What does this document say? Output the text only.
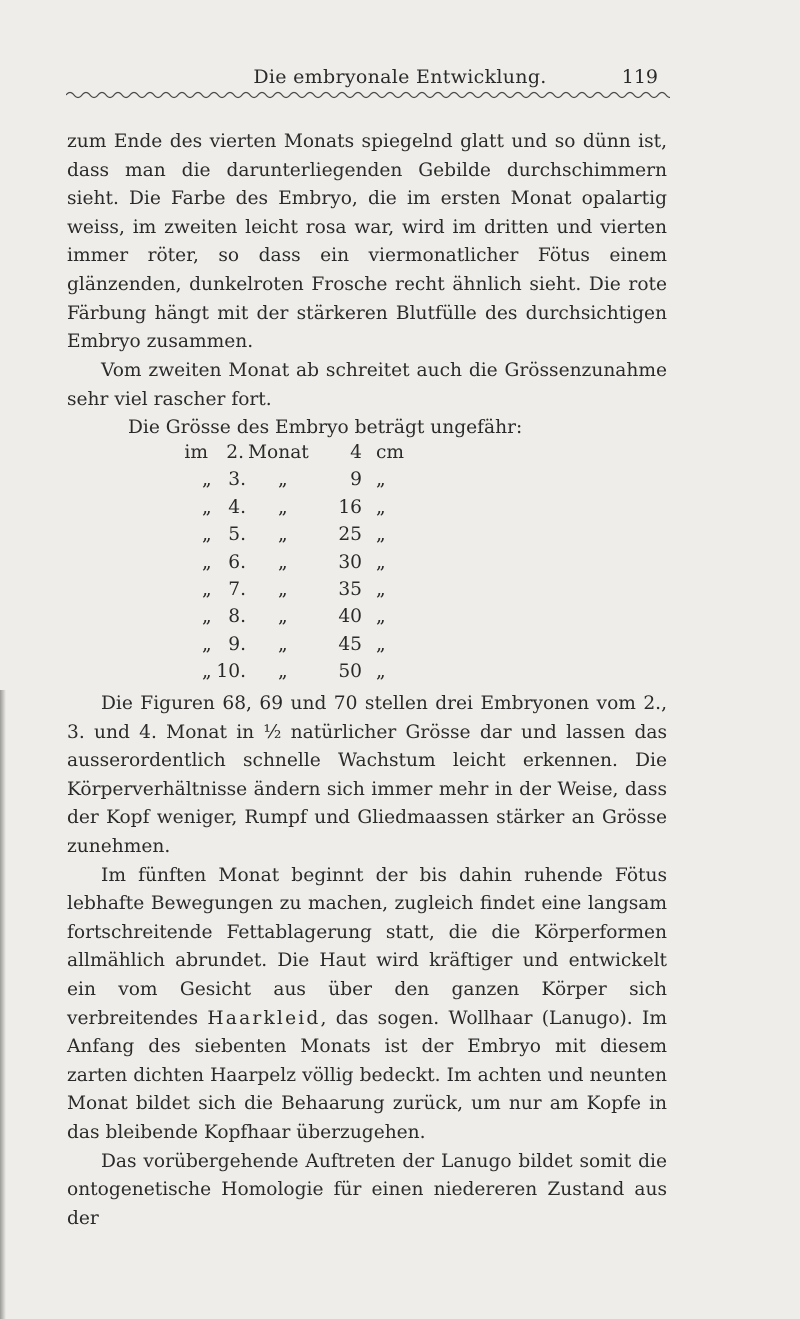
Die embryonale Entwicklung.	119

zum Ende des vierten Monats spiegelnd glatt und so dünn ist, dass man die darunterliegenden Gebilde durchschimmern sieht. Die Farbe des Embryo, die im ersten Monat opalartig weiss, im zweiten leicht rosa war, wird im dritten und vierten immer röter, so dass ein viermonatlicher Fötus einem glänzenden, dunkelroten Frosche recht ähnlich sieht. Die rote Färbung hängt mit der stärkeren Blutfülle des durchsichtigen Embryo zusammen.

Vom zweiten Monat ab schreitet auch die Grössenzunahme sehr viel rascher fort.

Die Grösse des Embryo beträgt ungefähr:
im 2. Monat	4 cm
„ 3. „	9 „
„ 4. „	16 „
„ 5. „	25 „
„ 6. „	30 „
„ 7. „	35 „
„ 8. „	40 „
„ 9. „	45 „
„ 10. „	50 „

Die Figuren 68, 69 und 70 stellen drei Embryonen vom 2., 3. und 4. Monat in ½ natürlicher Grösse dar und lassen das ausserordentlich schnelle Wachstum leicht erkennen. Die Körperverhältnisse ändern sich immer mehr in der Weise, dass der Kopf weniger, Rumpf und Gliedmaassen stärker an Grösse zunehmen.

Im fünften Monat beginnt der bis dahin ruhende Fötus lebhafte Bewegungen zu machen, zugleich findet eine langsam fortschreitende Fettablagerung statt, die die Körperformen allmählich abrundet. Die Haut wird kräftiger und entwickelt ein vom Gesicht aus über den ganzen Körper sich verbreitendes Haarkleid, das sogen. Wollhaar (Lanugo). Im Anfang des siebenten Monats ist der Embryo mit diesem zarten dichten Haarpelz völlig bedeckt. Im achten und neunten Monat bildet sich die Behaarung zurück, um nur am Kopfe in das bleibende Kopfhaar überzugehen.

Das vorübergehende Auftreten der Lanugo bildet somit die ontogenetische Homologie für einen niedereren Zustand aus der
